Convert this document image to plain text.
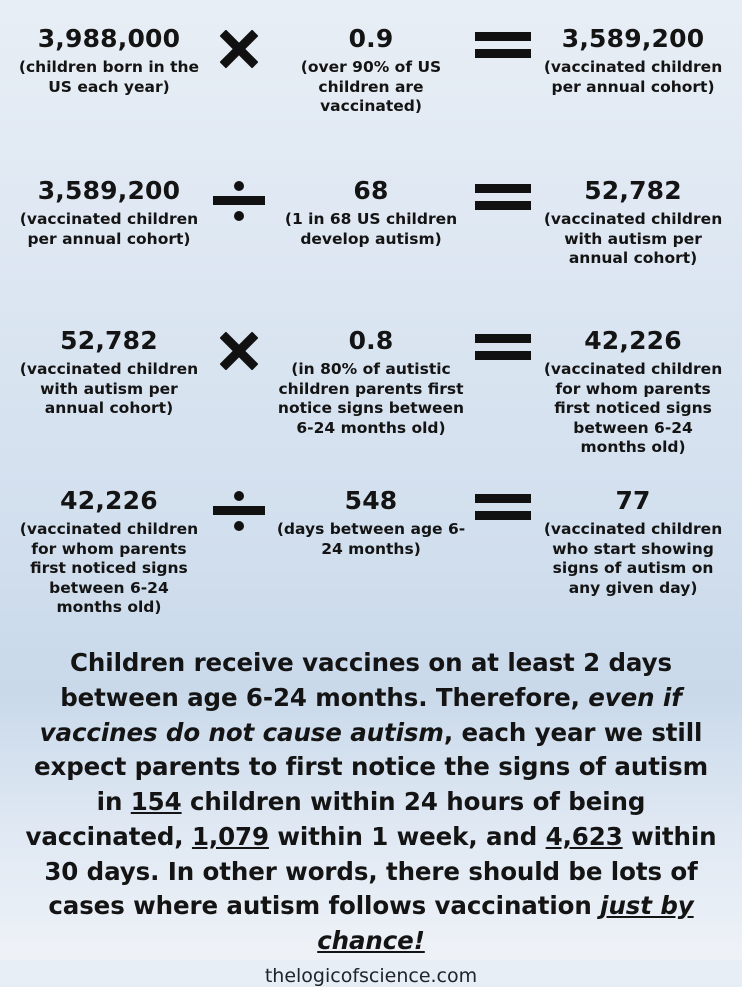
3,988,000
(children born in the US each year)
0.9
(over 90% of US children are vaccinated)
3,589,200
(vaccinated children per annual cohort)
3,589,200
(vaccinated children per annual cohort)
68
(1 in 68 US children develop autism)
52,782
(vaccinated children with autism per annual cohort)
52,782
(vaccinated children with autism per annual cohort)
0.8
(in 80% of autistic children parents first notice signs between 6-24 months old)
42,226
(vaccinated children for whom parents first noticed signs between 6-24 months old)
42,226
(vaccinated children for whom parents first noticed signs between 6-24 months old)
548
(days between age 6-24 months)
77
(vaccinated children who start showing signs of autism on any given day)
Children receive vaccines on at least 2 days between age 6-24 months. Therefore, even if vaccines do not cause autism, each year we still expect parents to first notice the signs of autism in 154 children within 24 hours of being vaccinated, 1,079 within 1 week, and 4,623 within 30 days. In other words, there should be lots of cases where autism follows vaccination just by chance!
thelogicofscience.com
